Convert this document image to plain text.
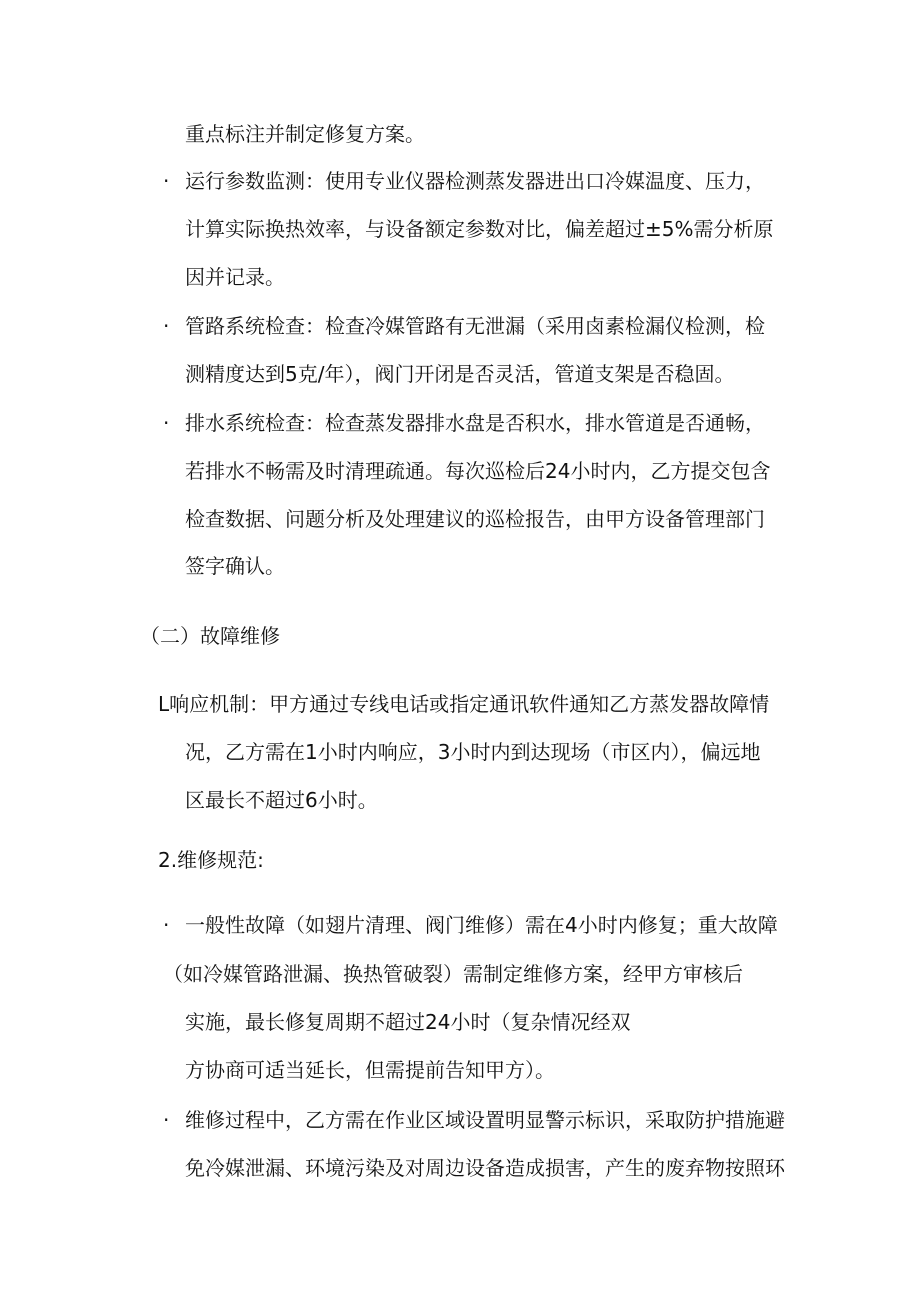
重点标注并制定修复方案。
· 运行参数监测：使用专业仪器检测蒸发器进出口冷媒温度、压力，
计算实际换热效率，与设备额定参数对比，偏差超过±5%需分析原
因并记录。
· 管路系统检查：检查冷媒管路有无泄漏（采用卤素检漏仪检测，检
测精度达到5克/年），阀门开闭是否灵活，管道支架是否稳固。
· 排水系统检查：检查蒸发器排水盘是否积水，排水管道是否通畅，
若排水不畅需及时清理疏通。每次巡检后24小时内，乙方提交包含
检查数据、问题分析及处理建议的巡检报告，由甲方设备管理部门
签字确认。
（二）故障维修
L响应机制：甲方通过专线电话或指定通讯软件通知乙方蒸发器故障情
况，乙方需在1小时内响应，3小时内到达现场（市区内），偏远地
区最长不超过6小时。
2.维修规范:
· 一般性故障（如翅片清理、阀门维修）需在4小时内修复；重大故障
（如冷媒管路泄漏、换热管破裂）需制定维修方案，经甲方审核后
实施，最长修复周期不超过24小时（复杂情况经双
方协商可适当延长，但需提前告知甲方）。
· 维修过程中，乙方需在作业区域设置明显警示标识，采取防护措施避
免冷媒泄漏、环境污染及对周边设备造成损害，产生的废弃物按照环
